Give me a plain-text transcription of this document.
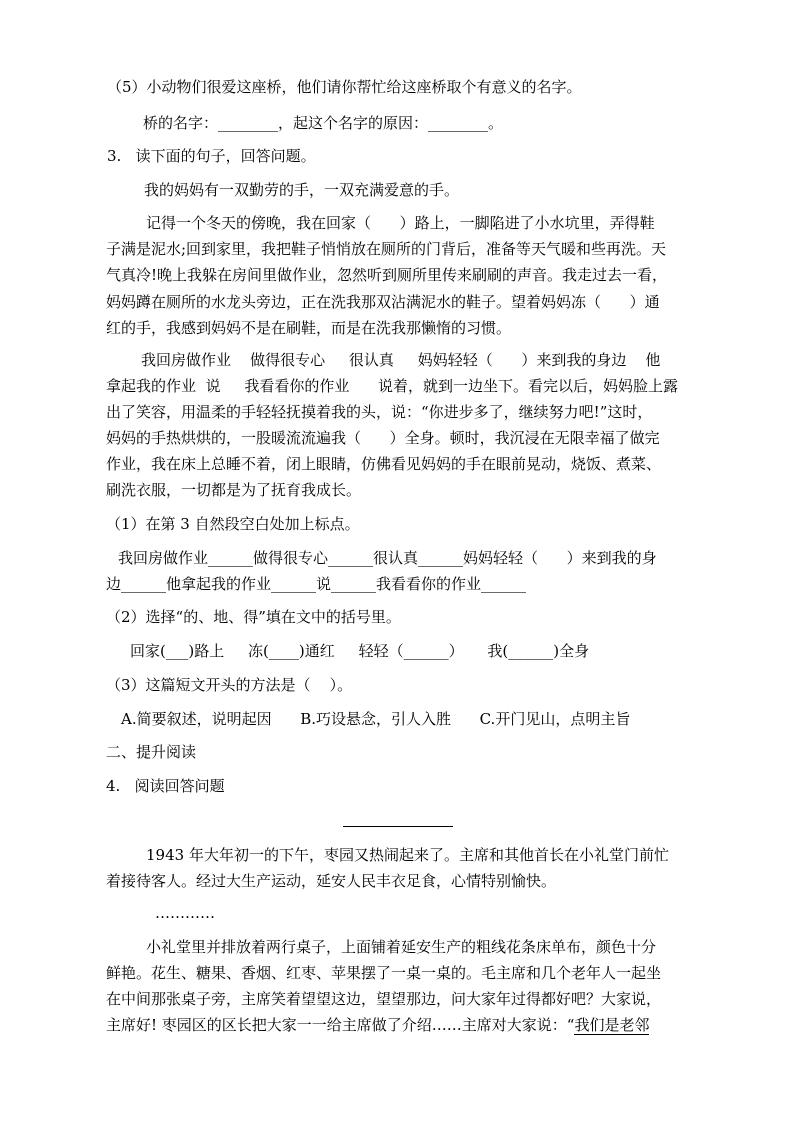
（5）小动物们很爱这座桥，他们请你帮忙给这座桥取个有意义的名字。
桥的名字：________，起这个名字的原因：________。
3.   读下面的句子，回答问题。
我的妈妈有一双勤劳的手，一双充满爱意的手。
记得一个冬天的傍晚，我在回家（      ）路上，一脚陷进了小水坑里，弄得鞋
子满是泥水;回到家里，我把鞋子悄悄放在厕所的门背后，准备等天气暖和些再洗。天
气真冷!晚上我躲在房间里做作业，忽然听到厕所里传来刷刷的声音。我走过去一看，
妈妈蹲在厕所的水龙头旁边，正在洗我那双沾满泥水的鞋子。望着妈妈冻（      ）通
红的手，我感到妈妈不是在刷鞋，而是在洗我那懒惰的习惯。
我回房做作业    做得很专心     很认真     妈妈轻轻（      ）来到我的身边    他
拿起我的作业  说     我看看你的作业      说着，就到一边坐下。看完以后，妈妈脸上露
出了笑容，用温柔的手轻轻抚摸着我的头，说：“你进步多了，继续努力吧!”这时，
妈妈的手热烘烘的，一股暖流流遍我（      ）全身。顿时，我沉浸在无限幸福了做完
作业，我在床上总睡不着，闭上眼睛，仿佛看见妈妈的手在眼前晃动，烧饭、煮菜、
刷洗衣服，一切都是为了抚育我成长。
（1）在第 3 自然段空白处加上标点。
我回房做作业______做得很专心______很认真______妈妈轻轻（      ）来到我的身
边______他拿起我的作业______说______我看看你的作业______
（2）选择“的、地、得”填在文中的括号里。
回家(___)路上     冻(____)通红     轻轻（______）     我(______)全身
（3）这篇短文开头的方法是（    ）。
A.简要叙述，说明起因      B.巧设悬念，引人入胜      C.开门见山，点明主旨
二、提升阅读
4.   阅读回答问题
1943 年大年初一的下午，枣园又热闹起来了。主席和其他首长在小礼堂门前忙
着接待客人。经过大生产运动，延安人民丰衣足食，心情特别愉快。
…………
小礼堂里并排放着两行桌子，上面铺着延安生产的粗线花条床单布，颜色十分
鲜艳。花生、糖果、香烟、红枣、苹果摆了一桌一桌的。毛主席和几个老年人一起坐
在中间那张桌子旁，主席笑着望望这边，望望那边，问大家年过得都好吧？大家说，
主席好! 枣园区的区长把大家一一给主席做了介绍……主席对大家说：“我们是老邻
